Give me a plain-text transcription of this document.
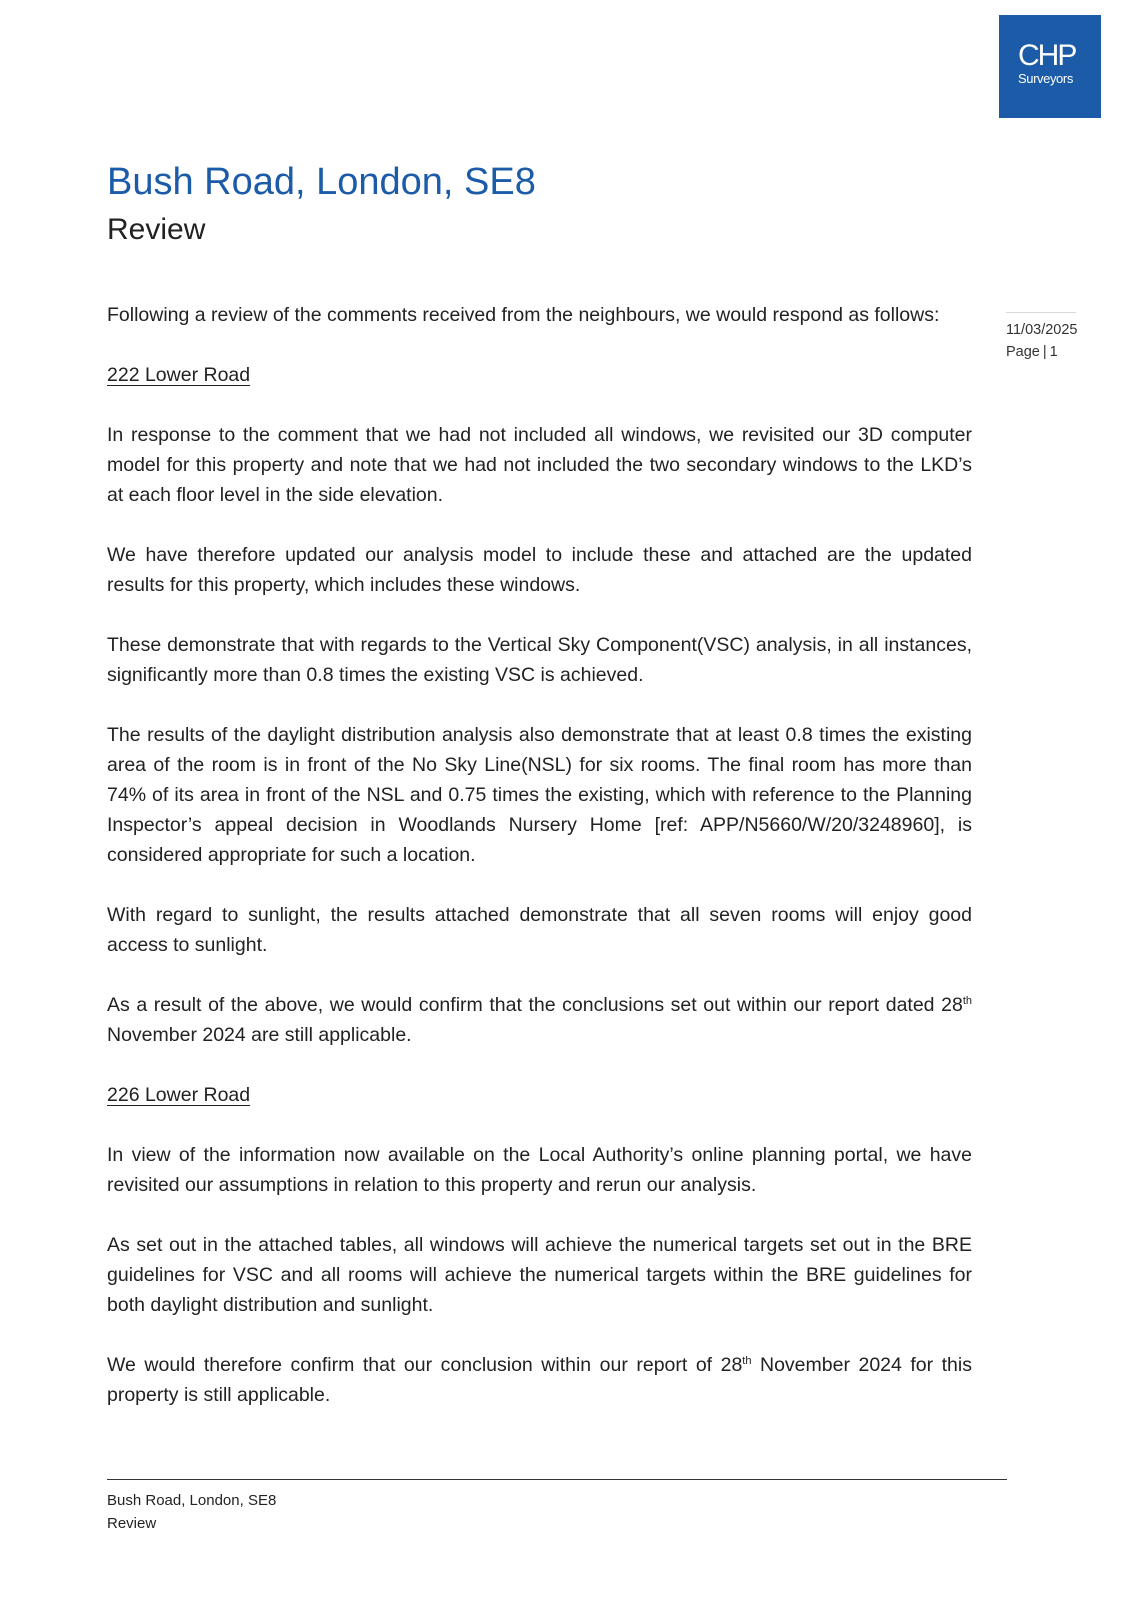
CHP
Surveyors
Bush Road, London, SE8
Review
11/03/2025
Page | 1

Following a review of the comments received from the neighbours, we would respond as follows:

222 Lower Road

In response to the comment that we had not included all windows, we revisited our 3D computer model for this property and note that we had not included the two secondary windows to the LKD’s at each floor level in the side elevation.

We have therefore updated our analysis model to include these and attached are the updated results for this property, which includes these windows.

These demonstrate that with regards to the Vertical Sky Component(VSC) analysis, in all instances, significantly more than 0.8 times the existing VSC is achieved.

The results of the daylight distribution analysis also demonstrate that at least 0.8 times the existing area of the room is in front of the No Sky Line(NSL) for six rooms. The final room has more than 74% of its area in front of the NSL and 0.75 times the existing, which with reference to the Planning Inspector’s appeal decision in Woodlands Nursery Home [ref: APP/N5660/W/20/3248960], is considered appropriate for such a location.

With regard to sunlight, the results attached demonstrate that all seven rooms will enjoy good access to sunlight.

As a result of the above, we would confirm that the conclusions set out within our report dated 28th November 2024 are still applicable.

226 Lower Road

In view of the information now available on the Local Authority’s online planning portal, we have revisited our assumptions in relation to this property and rerun our analysis.

As set out in the attached tables, all windows will achieve the numerical targets set out in the BRE guidelines for VSC and all rooms will achieve the numerical targets within the BRE guidelines for both daylight distribution and sunlight.

We would therefore confirm that our conclusion within our report of 28th November 2024 for this property is still applicable.

Bush Road, London, SE8
Review
